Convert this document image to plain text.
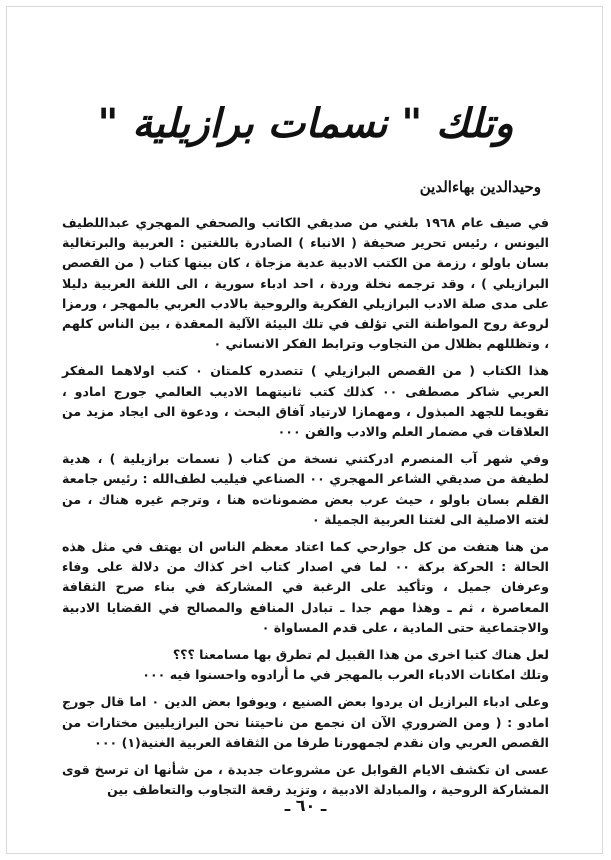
وتلك " نسمات برازيلية "
وحيدالدين بهاءالدين

في صيف عام ١٩٦٨ بلغني من صديقي الكاتب والصحفي المهجري عبداللطيف اليونس ، رئيس تحرير صحيفة ( الانباء ) الصادرة باللغتين : العربية والبرتغالية بسان باولو ، رزمة من الكتب الادبية عدية مزجاة ، كان بينها كتاب ( من القصص البرازيلي ) ، وقد ترجمه نخلة وردة ، احد ادباء سورية ، الى اللغة العربية دليلا على مدى صلة الادب البرازيلي الفكرية والروحية بالادب العربي بالمهجر ، ورمزا لروعة روح المواطنة التي تؤلف في تلك البيئة الآلية المعقدة ، بين الناس كلهم ، وتظللهم بظلال من التجاوب وترابط الفكر الانساني ٠

هذا الكتاب ( من القصص البرازيلي ) تتصدره كلمتان ٠ كتب اولاهما المفكر العربي شاكر مصطفى ٠٠ كذلك كتب ثانيتهما الاديب العالمي جورج امادو ، تقويما للجهد المبذول ، ومهمازا لارتياد آفاق البحث ، ودعوة الى ايجاد مزيد من العلاقات في مضمار العلم والادب والفن ٠٠٠

وفي شهر آب المنصرم ادركتني نسخة من كتاب ( نسمات برازيلية ) ، هدية لطيفة من صديقي الشاعر المهجري ٠٠ الصناعي فيليب لطف‌الله : رئيس جامعة القلم بسان باولو ، حيث عرب بعض مضمونات‌ه هنا ، وترجم غيره هناك ، من لغته الاصلية الى لغتنا العربية الجميلة ٠

من هنا هتفت من كل جوارحي كما اعتاد معظم الناس ان يهتف في مثل هذه الحالة : الحركة بركة ٠٠ لما في اصدار كتاب اخر كذاك من دلالة على وفاء وعرفان جميل ، وتأكيد على الرغبة في المشاركة في بناء صرح الثقافة المعاصرة ، ثم ـ وهذا مهم جدا ـ تبادل المنافع والمصالح في القضايا الادبية والاجتماعية حتى المادية ، على قدم المساواة ٠

لعل هناك كتبا اخرى من هذا القبيل لم تطرق بها مسامعنا ؟؟؟

وتلك امكانات الادباء العرب بالمهجر في ما أرادوه واحسنوا فيه ٠٠٠

وعلى ادباء البرازيل ان يردوا بعض الصنيع ، ويوفوا بعض الدين ٠ اما قال جورج امادو : ( ومن الضروري الآن ان نجمع من ناحيتنا نحن البرازيليين مختارات من القصص العربي وان نقدم لجمهورنا طرفا من الثقافة العربية الغنية(١) ٠٠٠

عسى ان تكشف الايام القوابل عن مشروعات جديدة ، من شأنها ان ترسخ قوى المشاركة الروحية ، والمبادلة الادبية ، وتزيد رقعة التجاوب والتعاطف بين

ـ ٦٠ ـ
